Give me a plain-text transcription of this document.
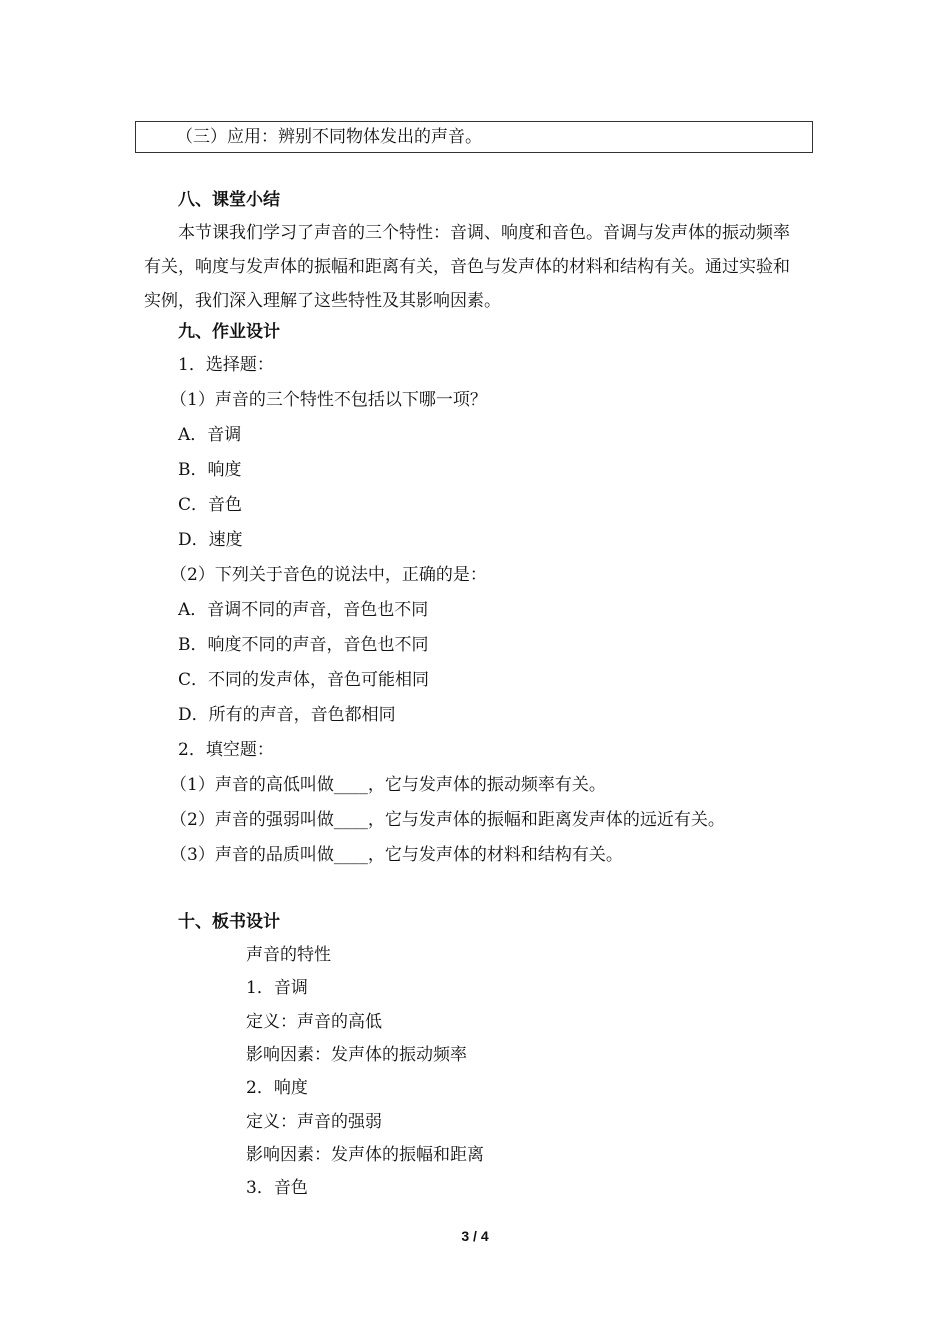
（三）应用：辨别不同物体发出的声音。
八、课堂小结
本节课我们学习了声音的三个特性：音调、响度和音色。音调与发声体的振动频率有关，响度与发声体的振幅和距离有关，音色与发声体的材料和结构有关。通过实验和实例，我们深入理解了这些特性及其影响因素。
九、作业设计
1．选择题：
（1）声音的三个特性不包括以下哪一项？
A．音调
B．响度
C．音色
D．速度
（2）下列关于音色的说法中，正确的是：
A．音调不同的声音，音色也不同
B．响度不同的声音，音色也不同
C．不同的发声体，音色可能相同
D．所有的声音，音色都相同
2．填空题：
（1）声音的高低叫做____，它与发声体的振动频率有关。
（2）声音的强弱叫做____，它与发声体的振幅和距离发声体的远近有关。
（3）声音的品质叫做____，它与发声体的材料和结构有关。
十、板书设计
声音的特性
1．音调
定义：声音的高低
影响因素：发声体的振动频率
2．响度
定义：声音的强弱
影响因素：发声体的振幅和距离
3．音色
3 / 4
